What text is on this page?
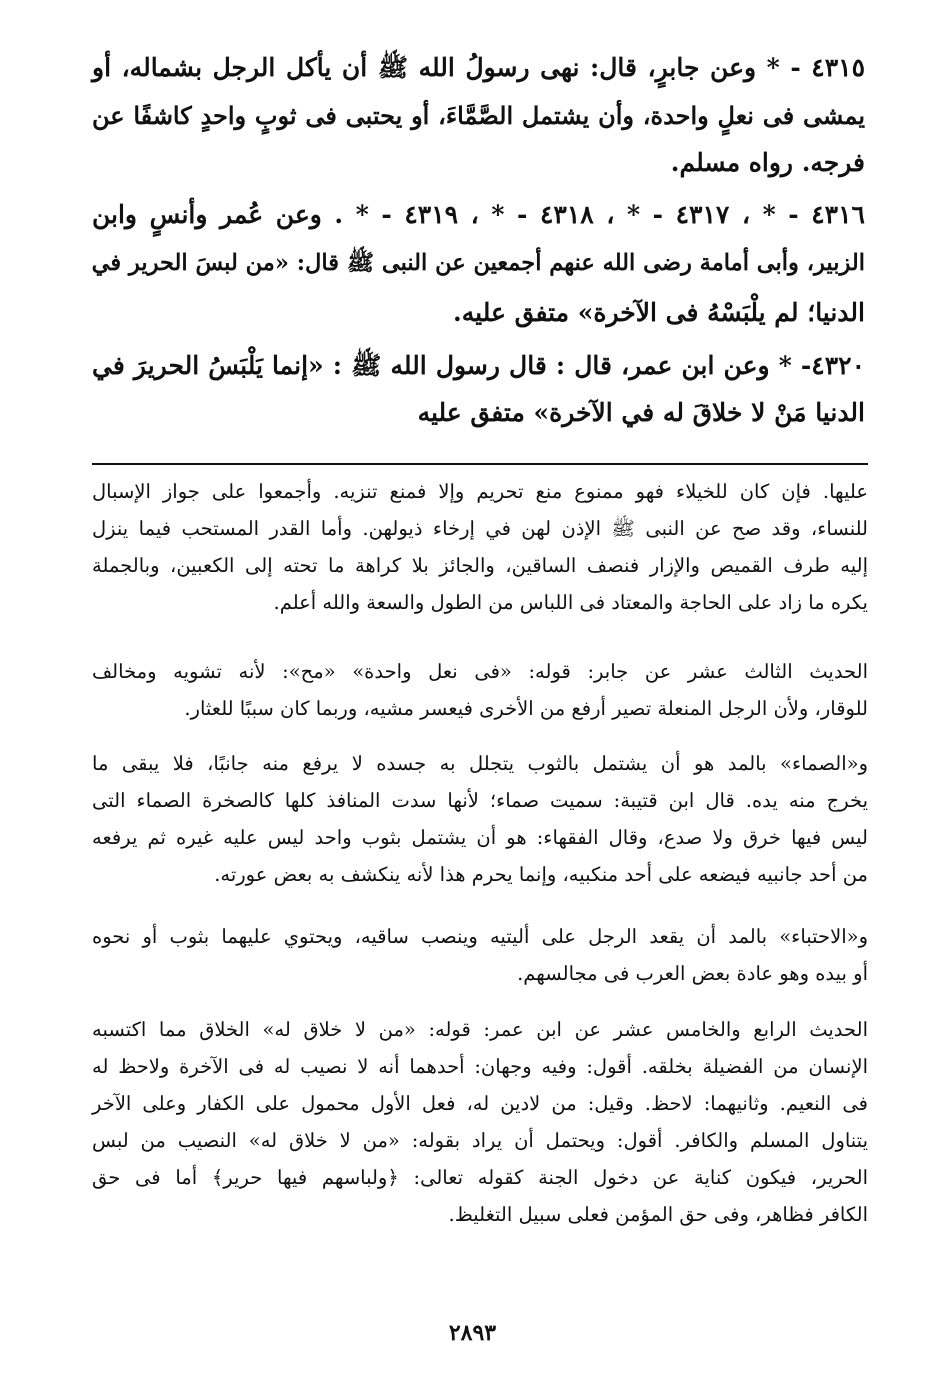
٤٣١٥ - * وعن جابرٍ، قال: نهى رسولُ الله ﷺ أن يأكل الرجل بشماله، أو
يمشى فى نعلٍ واحدة، وأن يشتمل الصَّمَّاءَ، أو يحتبى فى ثوبٍ واحدٍ كاشفًا عن
فرجه. رواه مسلم.
٤٣١٦ - * ، ٤٣١٧ - * ، ٤٣١٨ - * ، ٤٣١٩ - * . وعن عُمر وأنسٍ وابن
الزبير، وأبى أمامة رضى الله عنهم أجمعين عن النبى ﷺ قال: «من لبسَ الحرير في
الدنيا؛ لم يلْبَسْهُ فى الآخرة» متفق عليه.
٤٣٢٠- * وعن ابن عمر، قال : قال رسول الله ﷺ : «إنما يَلْبَسُ الحريرَ في
الدنيا مَنْ لا خلاقَ له في الآخرة» متفق عليه
عليها. فإن كان للخيلاء فهو ممنوع منع تحريم وإلا فمنع تنزيه. وأجمعوا على جواز الإسبال
للنساء، وقد صح عن النبى ﷺ الإذن لهن في إرخاء ذيولهن. وأما القدر المستحب فيما ينزل
إليه طرف القميص والإزار فنصف الساقين، والجائز بلا كراهة ما تحته إلى الكعبين، وبالجملة
يكره ما زاد على الحاجة والمعتاد فى اللباس من الطول والسعة والله أعلم.
الحديث الثالث عشر عن جابر: قوله: «فى نعل واحدة» «مح»: لأنه تشويه ومخالف
للوقار، ولأن الرجل المنعلة تصير أرفع من الأخرى فيعسر مشيه، وربما كان سببًا للعثار.
و«الصماء» بالمد هو أن يشتمل بالثوب يتجلل به جسده لا يرفع منه جانبًا، فلا يبقى ما
يخرج منه يده. قال ابن قتيبة: سميت صماء؛ لأنها سدت المنافذ كلها كالصخرة الصماء التى
ليس فيها خرق ولا صدع، وقال الفقهاء: هو أن يشتمل بثوب واحد ليس عليه غيره ثم يرفعه
من أحد جانبيه فيضعه على أحد منكبيه، وإنما يحرم هذا لأنه ينكشف به بعض عورته.
و«الاحتباء» بالمد أن يقعد الرجل على أليتيه وينصب ساقيه، ويحتوي عليهما بثوب أو نحوه
أو بيده وهو عادة بعض العرب فى مجالسهم.
الحديث الرابع والخامس عشر عن ابن عمر: قوله: «من لا خلاق له» الخلاق مما اكتسبه
الإنسان من الفضيلة بخلقه. أقول: وفيه وجهان: أحدهما أنه لا نصيب له فى الآخرة ولاحظ له
فى النعيم. وثانيهما: لاحظ. وقيل: من لادين له، فعل الأول محمول على الكفار وعلى الآخر
يتناول المسلم والكافر. أقول: ويحتمل أن يراد بقوله: «من لا خلاق له» النصيب من لبس
الحرير، فيكون كناية عن دخول الجنة كقوله تعالى: ﴿ولباسهم فيها حرير﴾ أما فى حق
الكافر فظاهر، وفى حق المؤمن فعلى سبيل التغليظ.
٢٨٩٣
